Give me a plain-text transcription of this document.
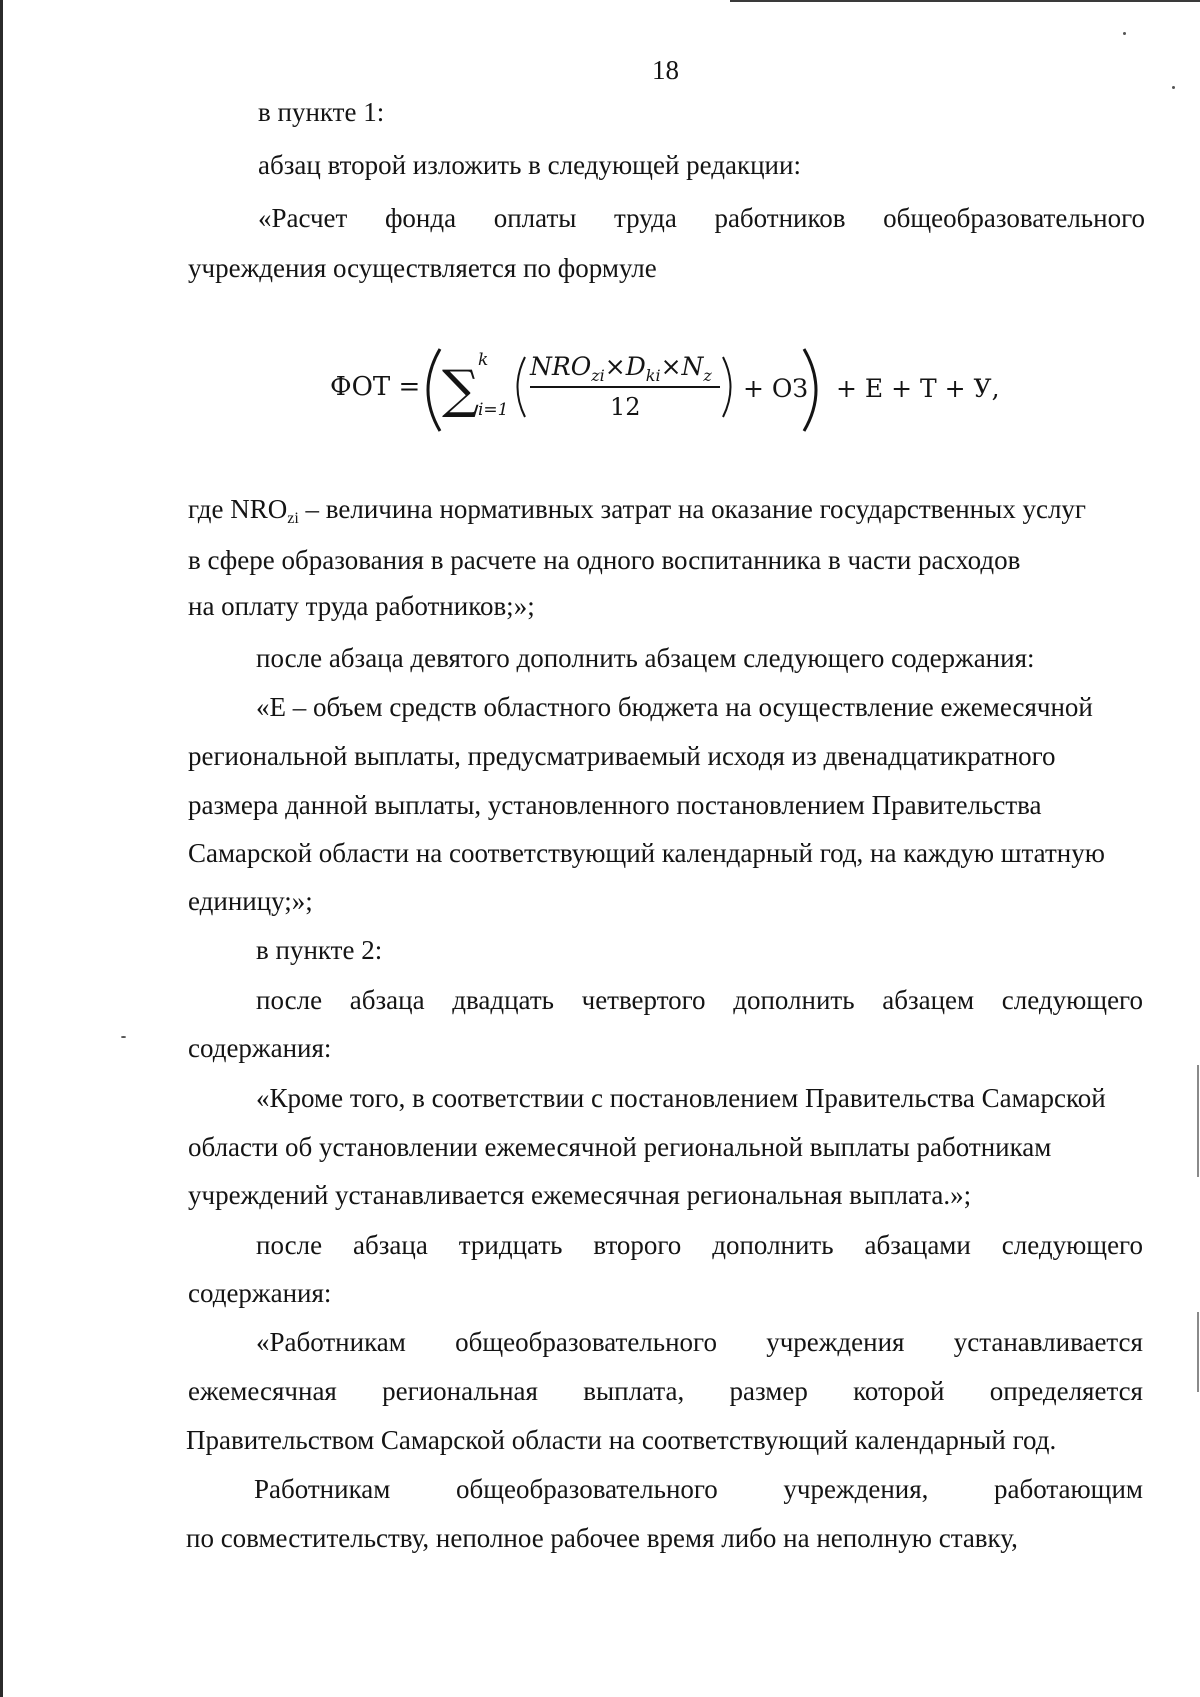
18
в пункте 1:
абзац второй изложить в следующей редакции:
«Расчет фонда оплаты труда работников общеобразовательного
учреждения осуществляется по формуле
ФОТ = ∑
k
i=1
$NRO_{zi}\times D_{ki}\times N_z$
12
+ ОЗ + Е + Т + У,
где $NRO_{zi}$ – величина нормативных затрат на оказание государственных услуг
в сфере образования в расчете на одного воспитанника в части расходов
на оплату труда работников;»;
после абзаца девятого дополнить абзацем следующего содержания:
«Е – объем средств областного бюджета на осуществление ежемесячной
региональной выплаты, предусматриваемый исходя из двенадцатикратного
размера данной выплаты, установленного постановлением Правительства
Самарской области на соответствующий календарный год, на каждую штатную
единицу;»;
в пункте 2:
после абзаца двадцать четвертого дополнить абзацем следующего
содержания:
«Кроме того, в соответствии с постановлением Правительства Самарской
области об установлении ежемесячной региональной выплаты работникам
учреждений устанавливается ежемесячная региональная выплата.»;
после абзаца тридцать второго дополнить абзацами следующего
содержания:
«Работникам общеобразовательного учреждения устанавливается
ежемесячная региональная выплата, размер которой определяется
Правительством Самарской области на соответствующий календарный год.
Работникам общеобразовательного учреждения, работающим
по совместительству, неполное рабочее время либо на неполную ставку,
